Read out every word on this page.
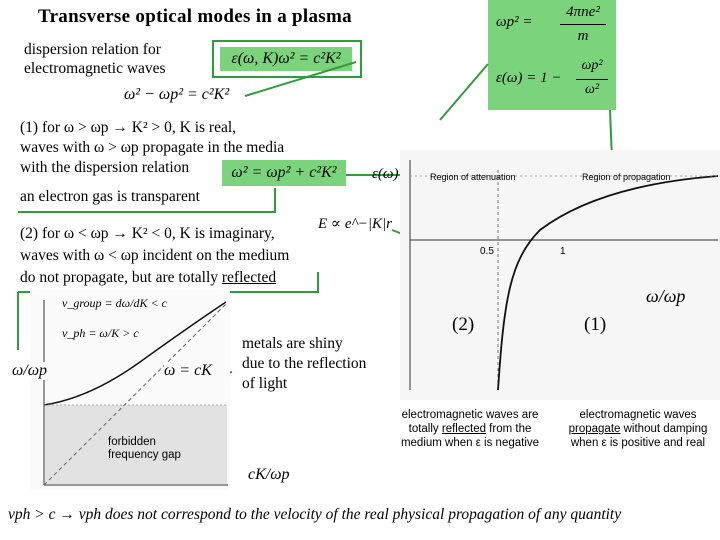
Transverse optical modes in a plasma
dispersion relation for electromagnetic waves
ε(ω, K)ω² = c²K²
ωp² =
4πne²
m
ε(ω) = 1 −
ωp²
ω²
ω² − ωp² = c²K²
(1) for ω > ωp → K² > 0, K is real,
waves with ω > ωp propagate in the media
with the dispersion relation
an electron gas is transparent
ω² = ωp² + c²K²
(2) for ω < ωp → K² < 0, K is imaginary,
waves with ω < ωp incident on the medium
do not propagate, but are totally reflected
E ∝ e^−|K|r
v_group = dω/dK < c
v_ph = ω/K > c
ω/ωp	ω = cK
forbidden frequency gap
cK/ωp
metals are shiny
due to the reflection
of light
ε(ω)	Region of attenuation	Region of propagation
0.5	1
ω/ωp
(2)	(1)
electromagnetic waves are
totally reflected from the
medium when ε is negative
electromagnetic waves
propagate without damping
when ε is positive and real
vph > c → vph does not correspond to the velocity of the real physical propagation of any quantity
